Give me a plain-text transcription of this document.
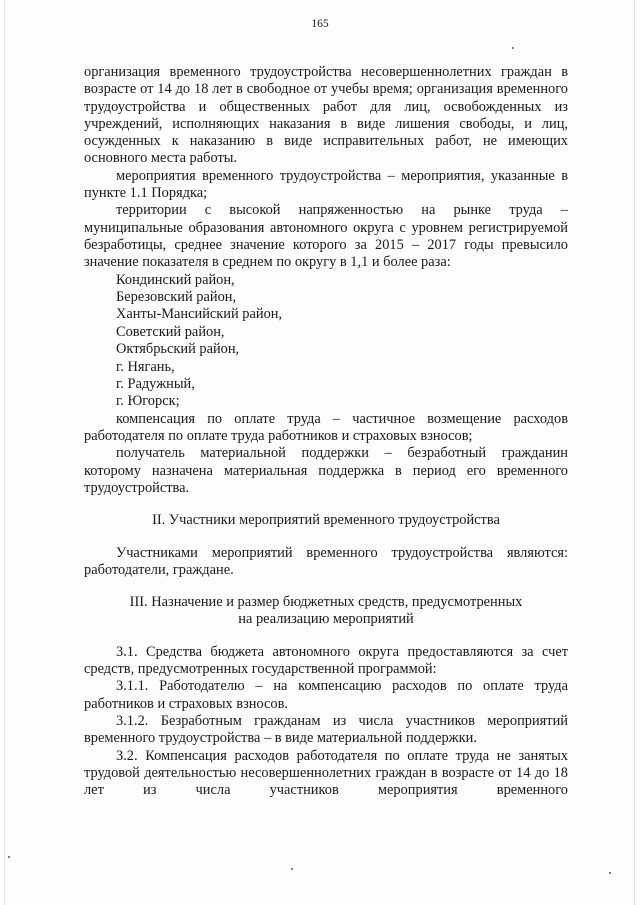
165

организация временного трудоустройства несовершеннолетних граждан в возрасте от 14 до 18 лет в свободное от учебы время; организация временного трудоустройства и общественных работ для лиц, освобожденных из учреждений, исполняющих наказания в виде лишения свободы, и лиц, осужденных к наказанию в виде исправительных работ, не имеющих основного места работы.

мероприятия временного трудоустройства – мероприятия, указанные в пункте 1.1 Порядка;

территории с высокой напряженностью на рынке труда – муниципальные образования автономного округа с уровнем регистрируемой безработицы, среднее значение которого за 2015 – 2017 годы превысило значение показателя в среднем по округу в 1,1 и более раза:

Кондинский район,

Березовский район,

Ханты-Мансийский район,

Советский район,

Октябрьский район,

г. Нягань,

г. Радужный,

г. Югорск;

компенсация по оплате труда – частичное возмещение расходов работодателя по оплате труда работников и страховых взносов;

получатель материальной поддержки – безработный гражданин которому назначена материальная поддержка в период его временного трудоустройства.

II. Участники мероприятий временного трудоустройства

Участниками мероприятий временного трудоустройства являются: работодатели, граждане.

III. Назначение и размер бюджетных средств, предусмотренных

на реализацию мероприятий

3.1. Средства бюджета автономного округа предоставляются за счет средств, предусмотренных государственной программой:

3.1.1. Работодателю – на компенсацию расходов по оплате труда работников и страховых взносов.

3.1.2. Безработным гражданам из числа участников мероприятий временного трудоустройства – в виде материальной поддержки.

3.2. Компенсация расходов работодателя по оплате труда не занятых трудовой деятельностью несовершеннолетних граждан в возрасте от 14 до 18 лет из числа участников мероприятия временного
